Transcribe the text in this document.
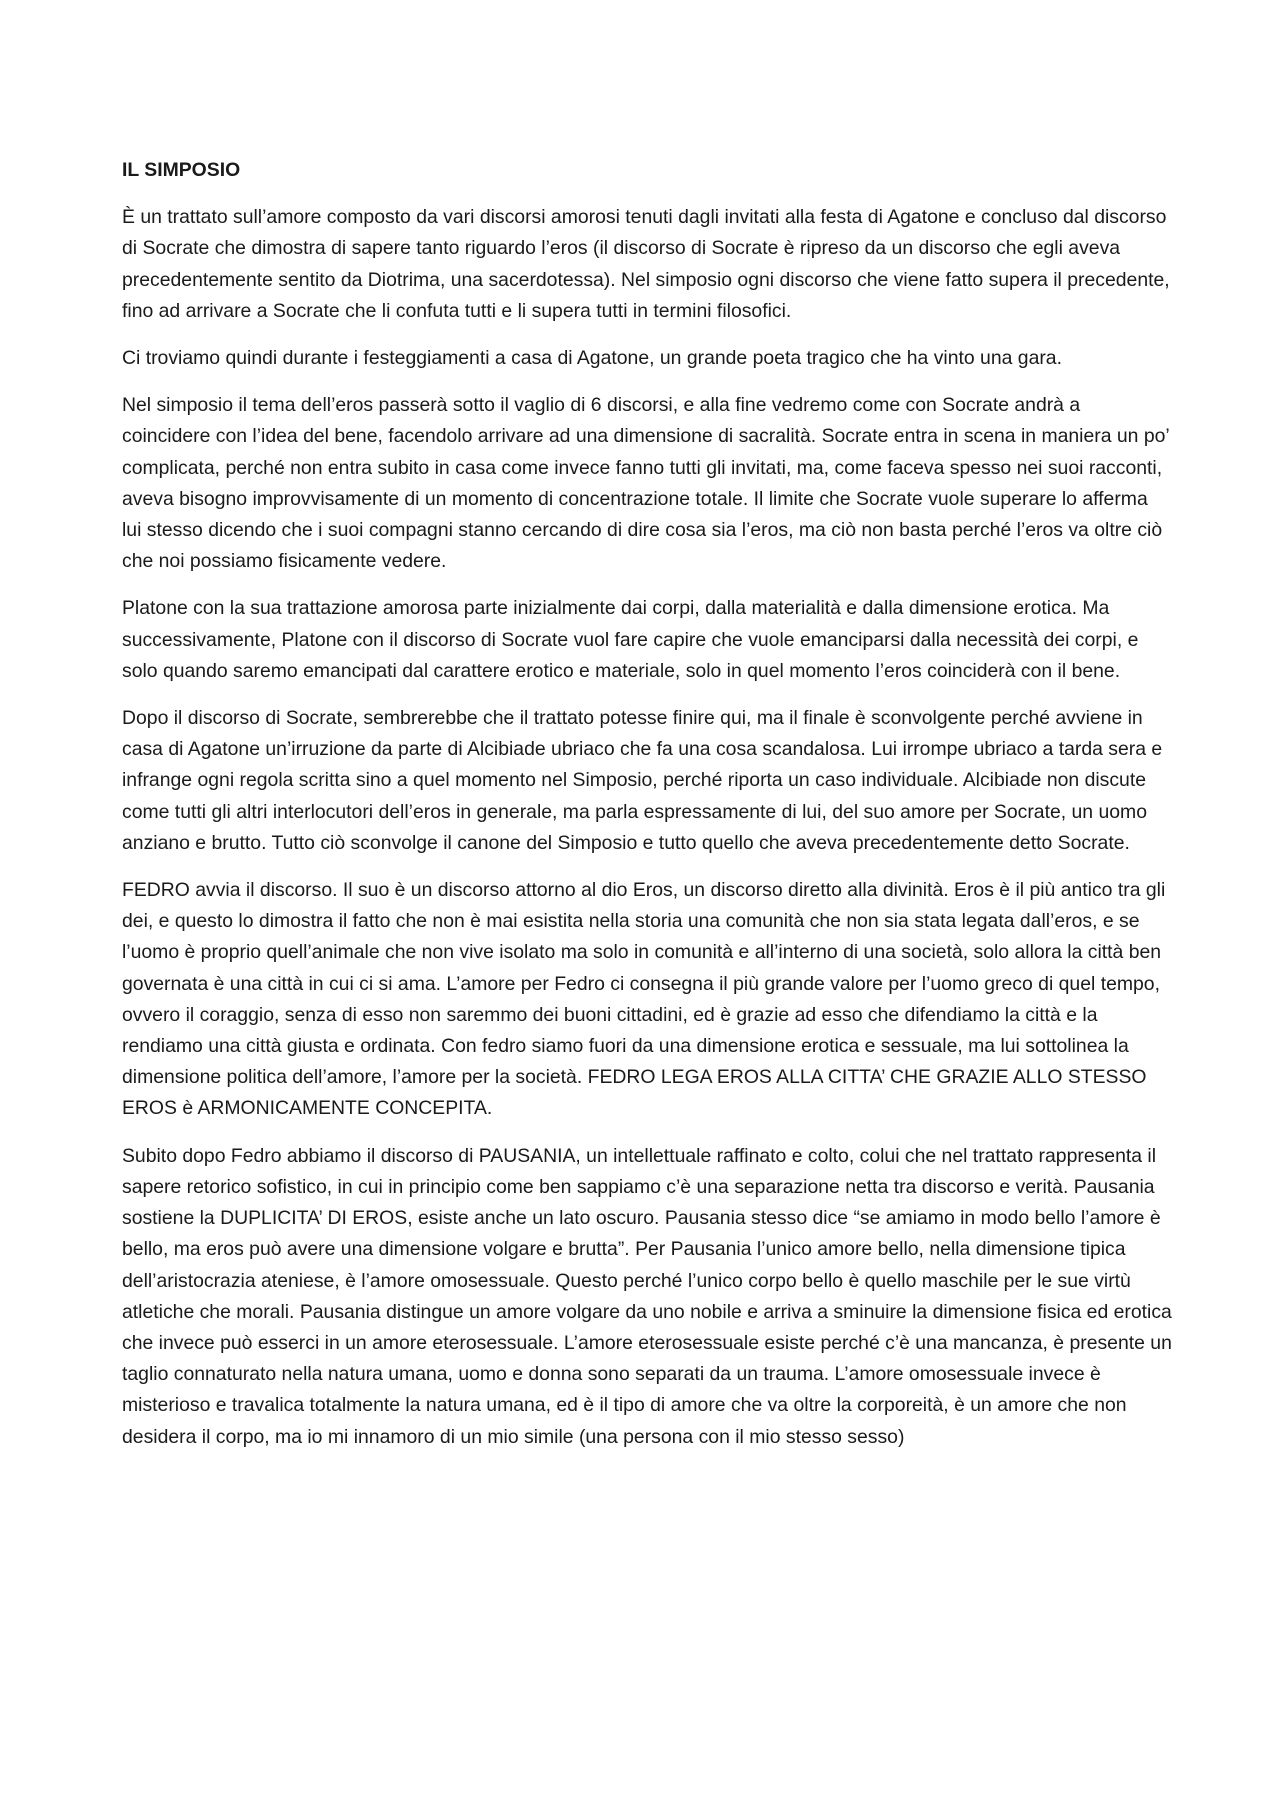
IL SIMPOSIO

È un trattato sull’amore composto da vari discorsi amorosi tenuti dagli invitati alla festa di Agatone e concluso dal discorso di Socrate che dimostra di sapere tanto riguardo l’eros (il discorso di Socrate è ripreso da un discorso che egli aveva precedentemente sentito da Diotrima, una sacerdotessa). Nel simposio ogni discorso che viene fatto supera il precedente, fino ad arrivare a Socrate che li confuta tutti e li supera tutti in termini filosofici.

Ci troviamo quindi durante i festeggiamenti a casa di Agatone, un grande poeta tragico che ha vinto una gara.

Nel simposio il tema dell’eros passerà sotto il vaglio di 6 discorsi, e alla fine vedremo come con Socrate andrà a coincidere con l’idea del bene, facendolo arrivare ad una dimensione di sacralità. Socrate entra in scena in maniera un po’ complicata, perché non entra subito in casa come invece fanno tutti gli invitati, ma, come faceva spesso nei suoi racconti, aveva bisogno improvvisamente di un momento di concentrazione totale. Il limite che Socrate vuole superare lo afferma lui stesso dicendo che i suoi compagni stanno cercando di dire cosa sia l’eros, ma ciò non basta perché l’eros va oltre ciò che noi possiamo fisicamente vedere.

Platone con la sua trattazione amorosa parte inizialmente dai corpi, dalla materialità e dalla dimensione erotica. Ma successivamente, Platone con il discorso di Socrate vuol fare capire che vuole emanciparsi dalla necessità dei corpi, e solo quando saremo emancipati dal carattere erotico e materiale, solo in quel momento l’eros coinciderà con il bene.

Dopo il discorso di Socrate, sembrerebbe che il trattato potesse finire qui, ma il finale è sconvolgente perché avviene in casa di Agatone un’irruzione da parte di Alcibiade ubriaco che fa una cosa scandalosa. Lui irrompe ubriaco a tarda sera e infrange ogni regola scritta sino a quel momento nel Simposio, perché riporta un caso individuale. Alcibiade non discute come tutti gli altri interlocutori dell’eros in generale, ma parla espressamente di lui, del suo amore per Socrate, un uomo anziano e brutto. Tutto ciò sconvolge il canone del Simposio e tutto quello che aveva precedentemente detto Socrate.

FEDRO avvia il discorso. Il suo è un discorso attorno al dio Eros, un discorso diretto alla divinità. Eros è il più antico tra gli dei, e questo lo dimostra il fatto che non è mai esistita nella storia una comunità che non sia stata legata dall’eros, e se l’uomo è proprio quell’animale che non vive isolato ma solo in comunità e all’interno di una società, solo allora la città ben governata è una città in cui ci si ama. L’amore per Fedro ci consegna il più grande valore per l’uomo greco di quel tempo, ovvero il coraggio, senza di esso non saremmo dei buoni cittadini, ed è grazie ad esso che difendiamo la città e la rendiamo una città giusta e ordinata. Con fedro siamo fuori da una dimensione erotica e sessuale, ma lui sottolinea la dimensione politica dell’amore, l’amore per la società. FEDRO LEGA EROS ALLA CITTA’ CHE GRAZIE ALLO STESSO EROS è ARMONICAMENTE CONCEPITA.

Subito dopo Fedro abbiamo il discorso di PAUSANIA, un intellettuale raffinato e colto, colui che nel trattato rappresenta il sapere retorico sofistico, in cui in principio come ben sappiamo c’è una separazione netta tra discorso e verità. Pausania sostiene la DUPLICITA’ DI EROS, esiste anche un lato oscuro. Pausania stesso dice “se amiamo in modo bello l’amore è bello, ma eros può avere una dimensione volgare e brutta”. Per Pausania l’unico amore bello, nella dimensione tipica dell’aristocrazia ateniese, è l’amore omosessuale. Questo perché l’unico corpo bello è quello maschile per le sue virtù atletiche che morali. Pausania distingue un amore volgare da uno nobile e arriva a sminuire la dimensione fisica ed erotica che invece può esserci in un amore eterosessuale. L’amore eterosessuale esiste perché c’è una mancanza, è presente un taglio connaturato nella natura umana, uomo e donna sono separati da un trauma. L’amore omosessuale invece è misterioso e travalica totalmente la natura umana, ed è il tipo di amore che va oltre la corporeità, è un amore che non desidera il corpo, ma io mi innamoro di un mio simile (una persona con il mio stesso sesso)
